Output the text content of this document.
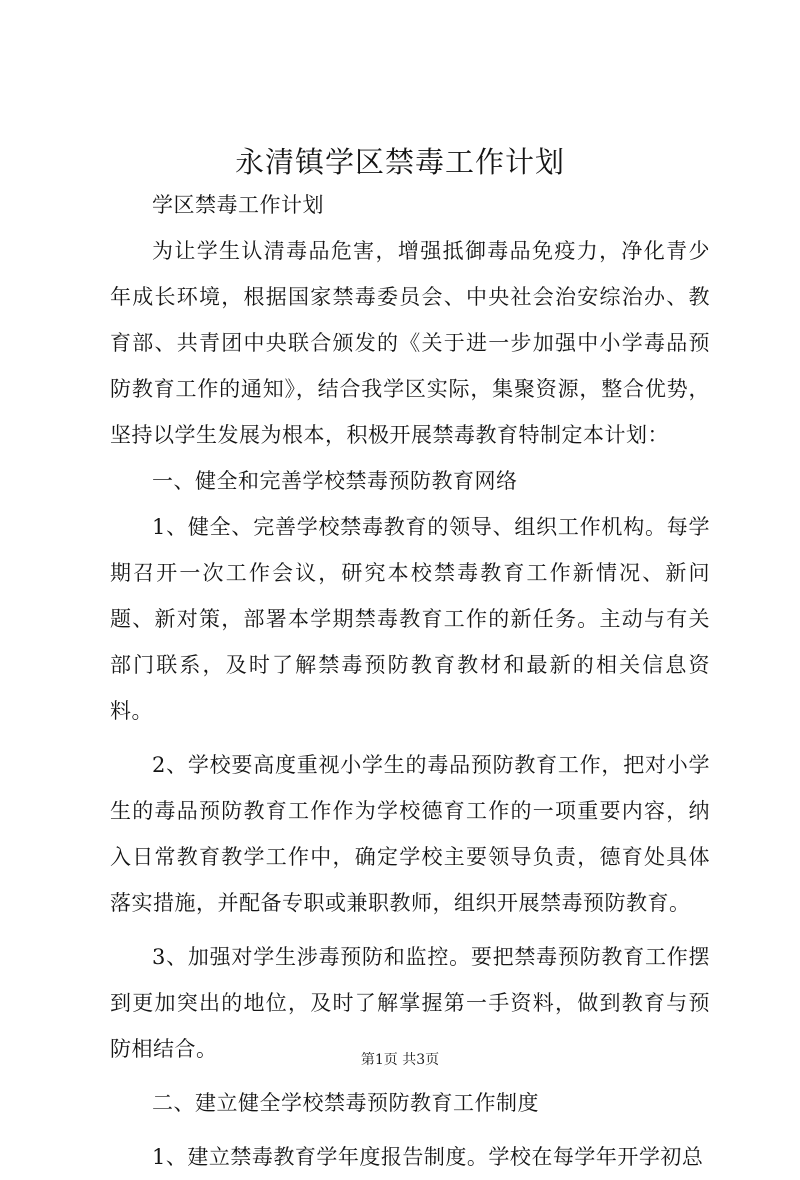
永清镇学区禁毒工作计划

学区禁毒工作计划

为让学生认清毒品危害，增强抵御毒品免疫力，净化青少年成长环境，根据国家禁毒委员会、中央社会治安综治办、教育部、共青团中央联合颁发的《关于进一步加强中小学毒品预防教育工作的通知》，结合我学区实际，集聚资源，整合优势，坚持以学生发展为根本，积极开展禁毒教育特制定本计划：

一、健全和完善学校禁毒预防教育网络

1、健全、完善学校禁毒教育的领导、组织工作机构。每学期召开一次工作会议，研究本校禁毒教育工作新情况、新问题、新对策，部署本学期禁毒教育工作的新任务。主动与有关部门联系，及时了解禁毒预防教育教材和最新的相关信息资料。

2、学校要高度重视小学生的毒品预防教育工作，把对小学生的毒品预防教育工作作为学校德育工作的一项重要内容，纳入日常教育教学工作中，确定学校主要领导负责，德育处具体落实措施，并配备专职或兼职教师，组织开展禁毒预防教育。

3、加强对学生涉毒预防和监控。要把禁毒预防教育工作摆到更加突出的地位，及时了解掌握第一手资料，做到教育与预防相结合。

二、建立健全学校禁毒预防教育工作制度

1、建立禁毒教育学年度报告制度。学校在每学年开学初总

第1页 共3页
